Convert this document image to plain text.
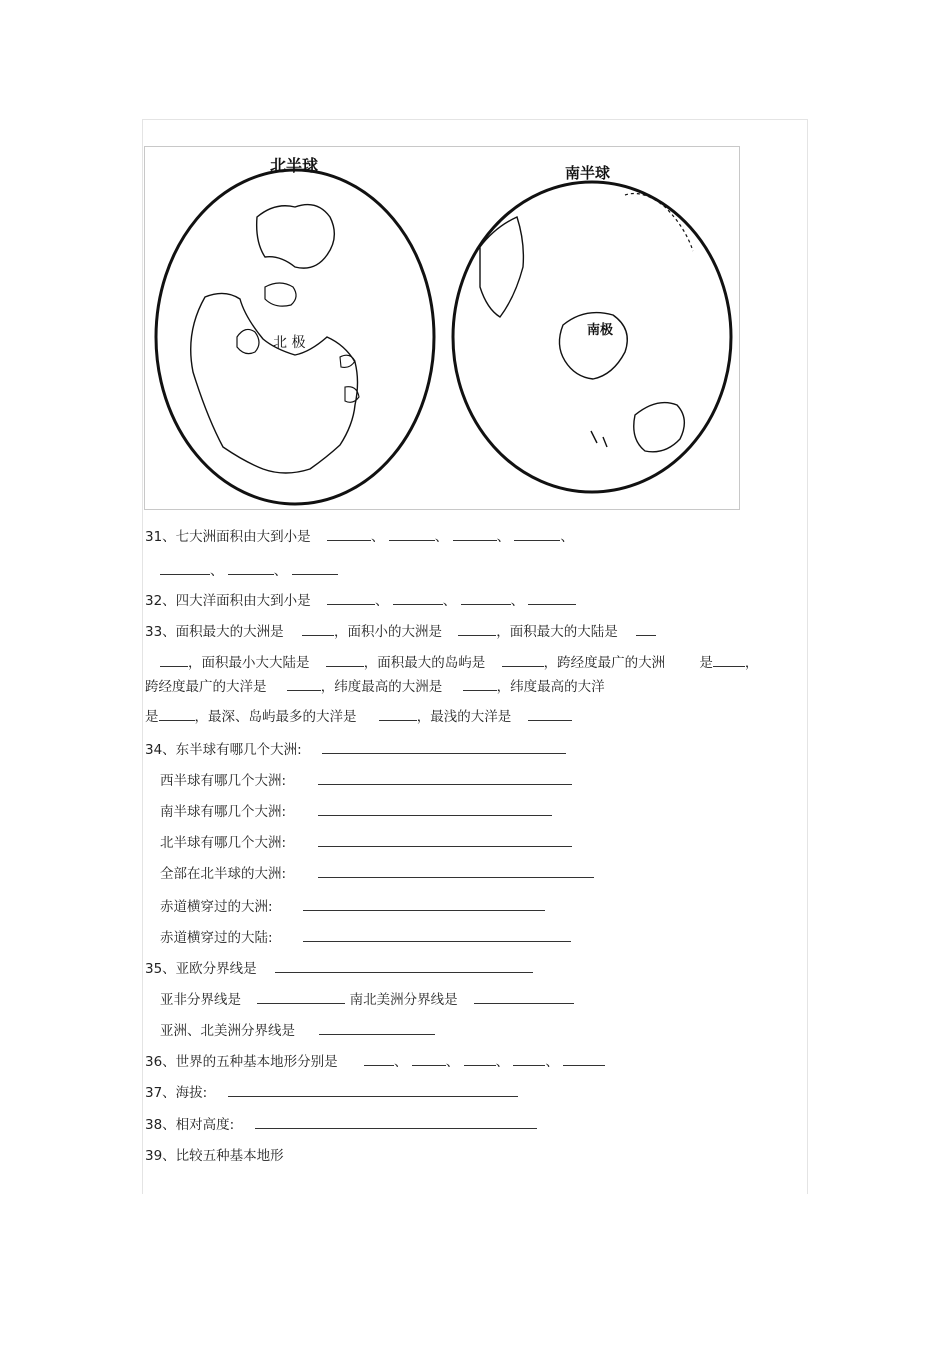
北半球	南半球
北 极
南极
31、七大洲面积由大到小是	、	、	、	、
、	、
32、四大洋面积由大到小是	、	、	、
33、面积最大的大洲是	，面积小的大洲是	，面积最大的大陆是
，面积最小大大陆是	，面积最大的岛屿是	，跨经度最广的大洲	是 ，
跨经度最广的大洋是	，纬度最高的大洲是	，纬度最高的大洋
是	，最深、岛屿最多的大洋是	，最浅的大洋是
34、东半球有哪几个大洲:
西半球有哪几个大洲:
南半球有哪几个大洲:
北半球有哪几个大洲:
全部在北半球的大洲:
赤道横穿过的大洲:
赤道横穿过的大陆:
35、亚欧分界线是
亚非分界线是	南北美洲分界线是
亚洲、北美洲分界线是
36、世界的五种基本地形分别是	、	、	、	、
37、海拔:
38、相对高度:
39、比较五种基本地形
